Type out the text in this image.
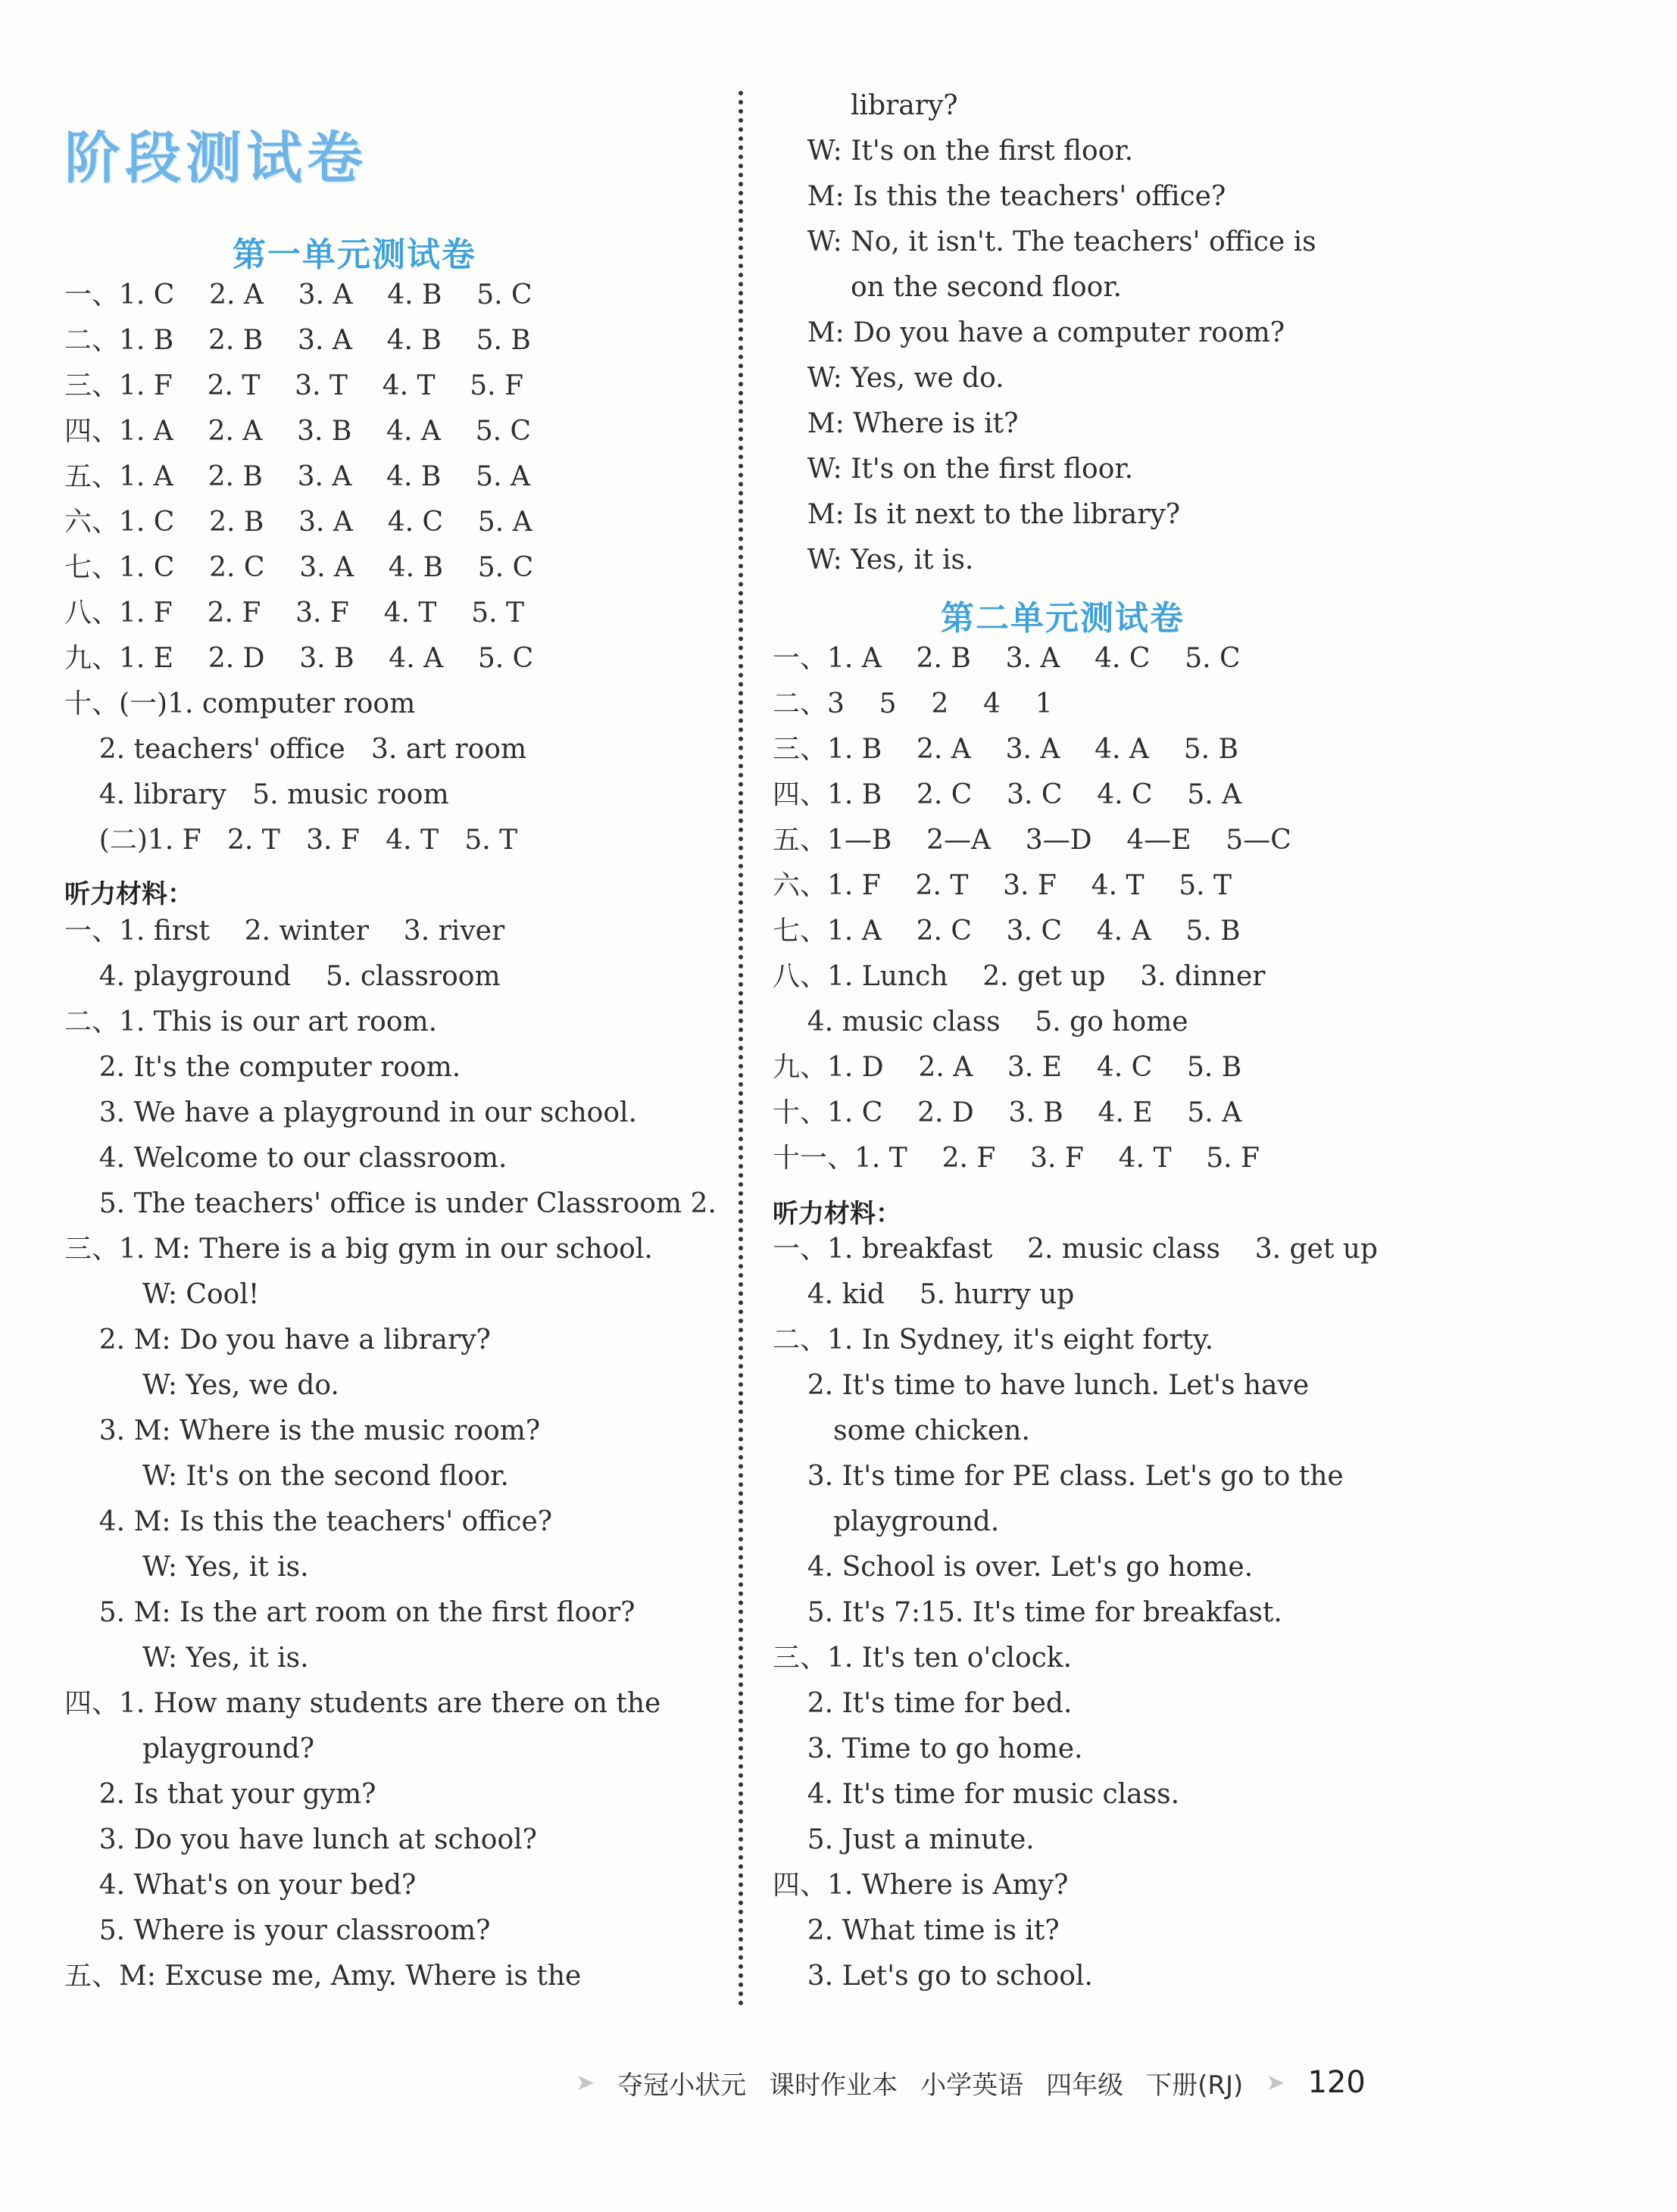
阶段测试卷
第一单元测试卷
一、1. C    2. A    3. A    4. B    5. C
二、1. B    2. B    3. A    4. B    5. B
三、1. F    2. T    3. T    4. T    5. F
四、1. A    2. A    3. B    4. A    5. C
五、1. A    2. B    3. A    4. B    5. A
六、1. C    2. B    3. A    4. C    5. A
七、1. C    2. C    3. A    4. B    5. C
八、1. F    2. F    3. F    4. T    5. T
九、1. E    2. D    3. B    4. A    5. C
十、(一)1. computer room
2. teachers' office   3. art room
4. library   5. music room
(二)1. F   2. T   3. F   4. T   5. T
听力材料：
一、1. first    2. winter    3. river
4. playground    5. classroom
二、1. This is our art room.
2. It's the computer room.
3. We have a playground in our school.
4. Welcome to our classroom.
5. The teachers' office is under Classroom 2.
三、1. M: There is a big gym in our school.
W: Cool!
2. M: Do you have a library?
W: Yes, we do.
3. M: Where is the music room?
W: It's on the second floor.
4. M: Is this the teachers' office?
W: Yes, it is.
5. M: Is the art room on the first floor?
W: Yes, it is.
四、1. How many students are there on the
playground?
2. Is that your gym?
3. Do you have lunch at school?
4. What's on your bed?
5. Where is your classroom?
五、M: Excuse me, Amy. Where is the
第二单元测试卷
library?
W: It's on the first floor.
M: Is this the teachers' office?
W: No, it isn't. The teachers' office is
on the second floor.
M: Do you have a computer room?
W: Yes, we do.
M: Where is it?
W: It's on the first floor.
M: Is it next to the library?
W: Yes, it is.
一、1. A    2. B    3. A    4. C    5. C
二、3    5    2    4    1
三、1. B    2. A    3. A    4. A    5. B
四、1. B    2. C    3. C    4. C    5. A
五、1—B    2—A    3—D    4—E    5—C
六、1. F    2. T    3. F    4. T    5. T
七、1. A    2. C    3. C    4. A    5. B
八、1. Lunch    2. get up    3. dinner
4. music class    5. go home
九、1. D    2. A    3. E    4. C    5. B
十、1. C    2. D    3. B    4. E    5. A
十一、1. T    2. F    3. F    4. T    5. F
听力材料：
一、1. breakfast    2. music class    3. get up
4. kid    5. hurry up
二、1. In Sydney, it's eight forty.
2. It's time to have lunch. Let's have
some chicken.
3. It's time for PE class. Let's go to the
playground.
4. School is over. Let's go home.
5. It's 7:15. It's time for breakfast.
三、1. It's ten o'clock.
2. It's time for bed.
3. Time to go home.
4. It's time for music class.
5. Just a minute.
四、1. Where is Amy?
2. What time is it?
3. Let's go to school.
➤ 夺冠小状元 课时作业本 小学英语 四年级 下册(RJ) ➤ 120
